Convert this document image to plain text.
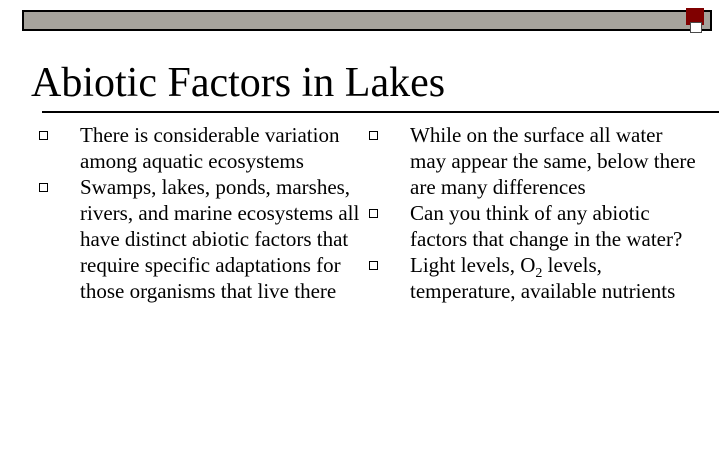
Abiotic Factors in Lakes
There is considerable variation among aquatic ecosystems
Swamps, lakes, ponds, marshes, rivers, and marine ecosystems all have distinct abiotic factors that require specific adaptations for those organisms that live there
While on the surface all water may appear the same, below there are many differences
Can you think of any abiotic factors that change in the water?
Light levels, $O_2$ levels, temperature, available nutrients
